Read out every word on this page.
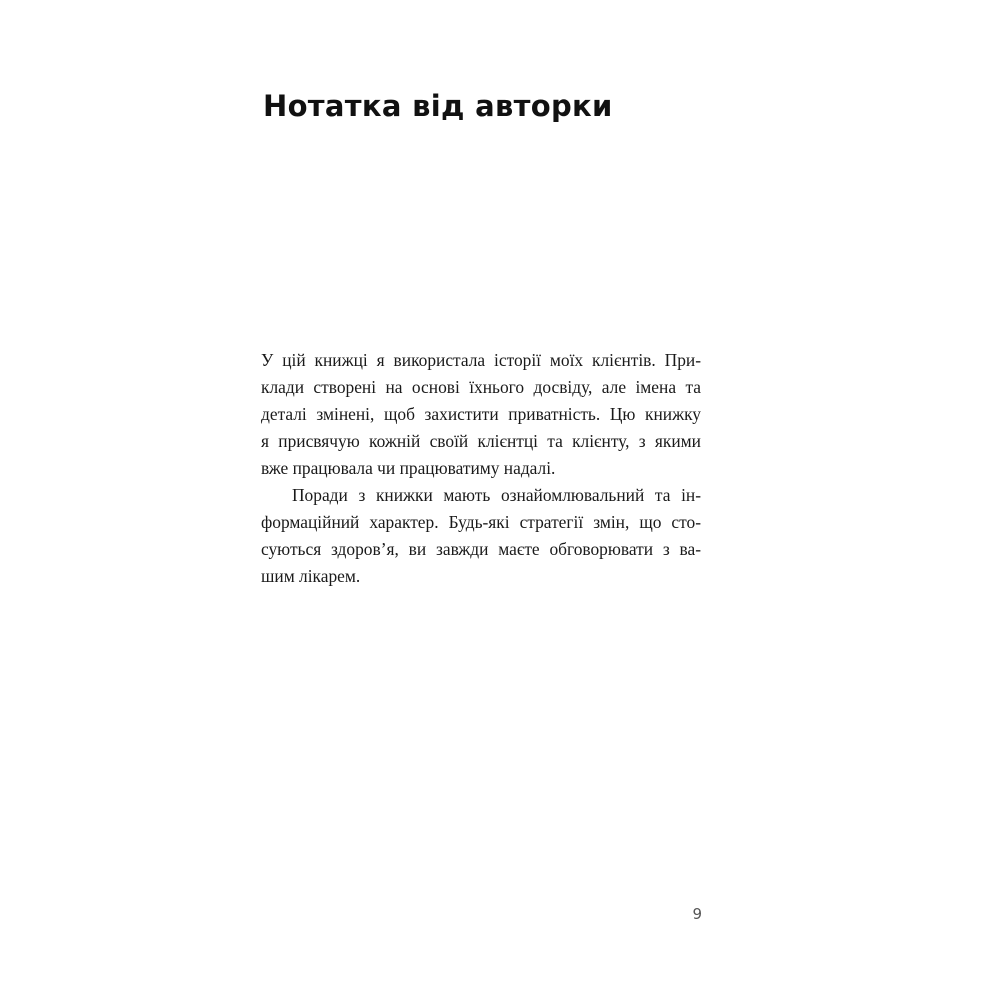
Нотатка від авторки
У цій книжці я використала історії моїх клієнтів. При-
клади створені на основі їхнього досвіду, але імена та
деталі змінені, щоб захистити приватність. Цю книжку
я присвячую кожній своїй клієнтці та клієнту, з якими
вже працювала чи працюватиму надалі.
Поради з книжки мають ознайомлювальний та ін-
формаційний характер. Будь-які стратегії змін, що сто-
суються здоров’я, ви завжди маєте обговорювати з ва-
шим лікарем.
9
